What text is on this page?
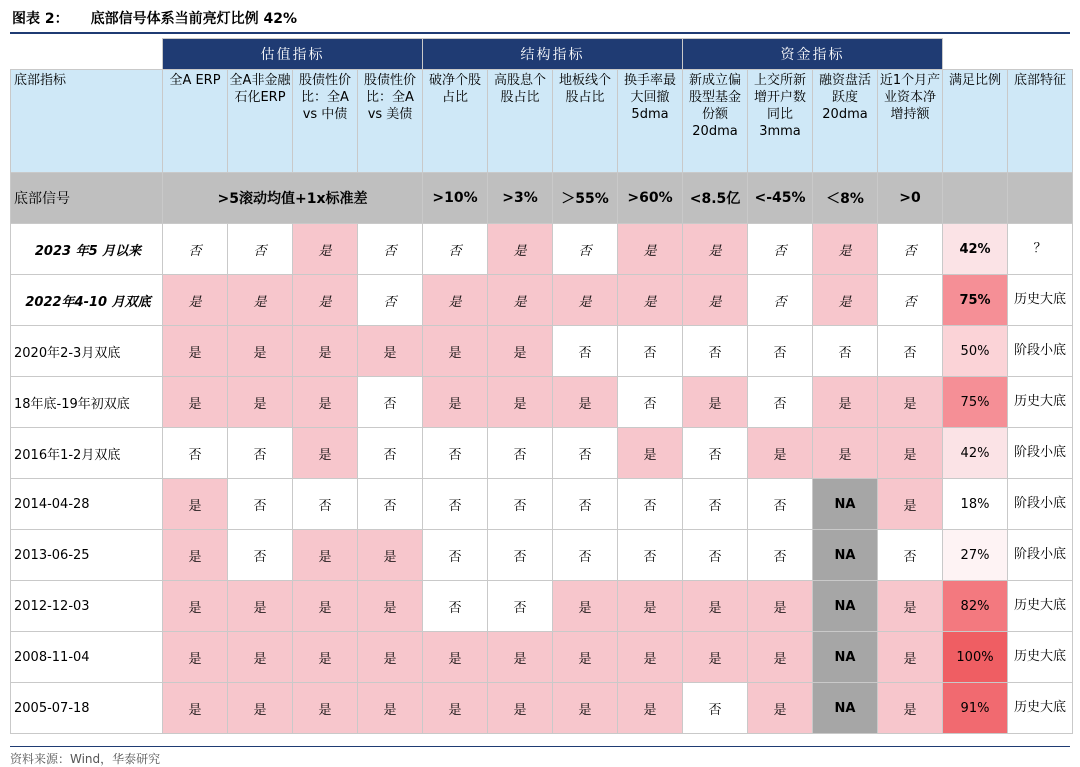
图表 2： 底部信号体系当前亮灯比例 42%
	估值指标				结构指标				资金指标					
底部指标	全A ERP	全A非金融石化ERP	股债性价比：全A vs 中债	股债性价比：全A vs 美债	破净个股占比	高股息个股占比	地板线个股占比	换手率最大回撤5dma	新成立偏股型基金份额20dma	上交所新增开户数同比3mma	融资盘活跃度20dma	近1个月产业资本净增持额	满足比例	底部特征
底部信号	>5滚动均值+1x标准差				>10%	>3%	＞55%	>60%	<8.5亿	<-45%	＜8%	>0		
2023 年5 月以来	否	否	是	否	否	是	否	是	是	否	是	否	42%	？
2022年4-10 月双底	是	是	是	否	是	是	是	是	是	否	是	否	75%	历史大底
2020年2-3月双底	是	是	是	是	是	是	否	否	否	否	否	否	50%	阶段小底
18年底-19年初双底	是	是	是	否	是	是	是	否	是	否	是	是	75%	历史大底
2016年1-2月双底	否	否	是	否	否	否	否	是	否	是	是	是	42%	阶段小底
2014-04-28	是	否	否	否	否	否	否	否	否	否	NA	是	18%	阶段小底
2013-06-25	是	否	是	是	否	否	否	否	否	否	NA	否	27%	阶段小底
2012-12-03	是	是	是	是	否	否	是	是	是	是	NA	是	82%	历史大底
2008-11-04	是	是	是	是	是	是	是	是	是	是	NA	是	100%	历史大底
2005-07-18	是	是	是	是	是	是	是	是	否	是	NA	是	91%	历史大底
资料来源：Wind，华泰研究
